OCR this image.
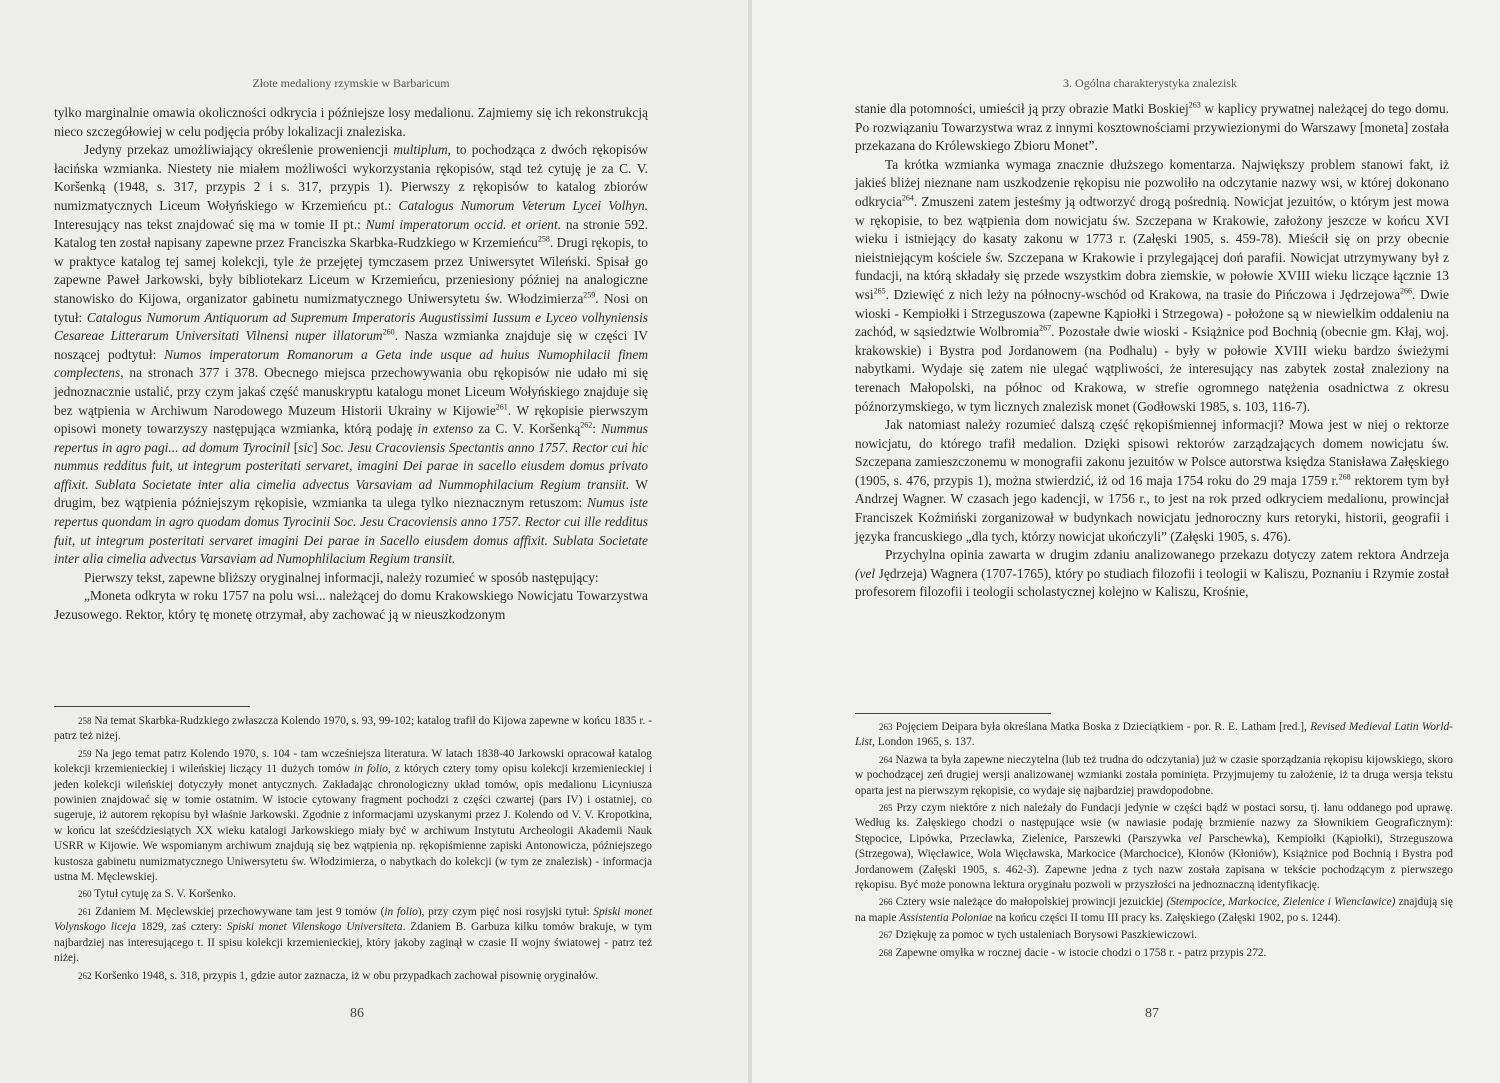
Złote medaliony rzymskie w Barbaricum

tylko marginalnie omawia okoliczności odkrycia i późniejsze losy medalionu. Zajmiemy się ich rekonstrukcją nieco szczegółowiej w celu podjęcia próby lokalizacji znaleziska.

Jedyny przekaz umożliwiający określenie proweniencji multiplum, to pochodząca z dwóch rękopisów łacińska wzmianka. Niestety nie miałem możliwości wykorzystania rękopisów, stąd też cytuję je za C. V. Koršenką (1948, s. 317, przypis 2 i s. 317, przypis 1). Pierwszy z rękopisów to katalog zbiorów numizmatycznych Liceum Wołyńskiego w Krzemieńcu pt.: Catalogus Numorum Veterum Lycei Volhyn. Interesujący nas tekst znajdować się ma w tomie II pt.: Numi imperatorum occid. et orient. na stronie 592. Katalog ten został napisany zapewne przez Franciszka Skarbka-Rudzkiego w Krzemieńcu$^{258}$. Drugi rękopis, to w praktyce katalog tej samej kolekcji, tyle że przejętej tymczasem przez Uniwersytet Wileński. Spisał go zapewne Paweł Jarkowski, były bibliotekarz Liceum w Krzemieńcu, przeniesiony później na analogiczne stanowisko do Kijowa, organizator gabinetu numizmatycznego Uniwersytetu św. Włodzimierza$^{259}$. Nosi on tytuł: Catalogus Numorum Antiquorum ad Supremum Imperatoris Augustissimi Iussum e Lyceo volhyniensis Cesareae Litterarum Universitati Vilnensi nuper illatorum$^{260}$. Nasza wzmianka znajduje się w części IV noszącej podtytuł: Numos imperatorum Romanorum a Geta inde usque ad huius Numophilacii finem complectens, na stronach 377 i 378. Obecnego miejsca przechowywania obu rękopisów nie udało mi się jednoznacznie ustalić, przy czym jakaś część manuskryptu katalogu monet Liceum Wołyńskiego znajduje się bez wątpienia w Archiwum Narodowego Muzeum Historii Ukrainy w Kijowie$^{261}$. W rękopisie pierwszym opisowi monety towarzyszy następująca wzmianka, którą podaję in extenso za C. V. Koršenką$^{262}$: Nummus repertus in agro pagi... ad domum Tyrocinil [sic] Soc. Jesu Cracoviensis Spectantis anno 1757. Rector cui hic nummus redditus fuit, ut integrum posteritati servaret, imagini Dei parae in sacello eiusdem domus privato affixit. Sublata Societate inter alia cimelia advectus Varsaviam ad Nummophilacium Regium transiit. W drugim, bez wątpienia późniejszym rękopisie, wzmianka ta ulega tylko nieznacznym retuszom: Numus iste repertus quondam in agro quodam domus Tyrocinii Soc. Jesu Cracoviensis anno 1757. Rector cui ille redditus fuit, ut integrum posteritati servaret imagini Dei parae in Sacello eiusdem domus affixit. Sublata Societate inter alia cimelia advectus Varsaviam ad Numophlilacium Regium transiit.

Pierwszy tekst, zapewne bliższy oryginalnej informacji, należy rozumieć w sposób następujący:

„Moneta odkryta w roku 1757 na polu wsi... należącej do domu Krakowskiego Nowicjatu Towarzystwa Jezusowego. Rektor, który tę monetę otrzymał, aby zachować ją w nieuszkodzonym

258 Na temat Skarbka-Rudzkiego zwłaszcza Kolendo 1970, s. 93, 99-102; katalog trafił do Kijowa zapewne w końcu 1835 r. - patrz też niżej.

259 Na jego temat patrz Kolendo 1970, s. 104 - tam wcześniejsza literatura. W latach 1838-40 Jarkowski opracował katalog kolekcji krzemienieckiej i wileńskiej liczący 11 dużych tomów in folio, z których cztery tomy opisu kolekcji krzemienieckiej i jeden kolekcji wileńskiej dotyczyły monet antycznych. Zakładając chronologiczny układ tomów, opis medalionu Licyniusza powinien znajdować się w tomie ostatnim. W istocie cytowany fragment pochodzi z części czwartej (pars IV) i ostatniej, co sugeruje, iż autorem rękopisu był właśnie Jarkowski. Zgodnie z informacjami uzyskanymi przez J. Kolendo od V. V. Kropotkina, w końcu lat sześćdziesiątych XX wieku katalogi Jarkowskiego miały być w archiwum Instytutu Archeologii Akademii Nauk USRR w Kijowie. We wspomianym archiwum znajdują się bez wątpienia np. rękopiśmienne zapiski Antonowicza, późniejszego kustosza gabinetu numizmatycznego Uniwersytetu św. Włodzimierza, o nabytkach do kolekcji (w tym ze znalezisk) - informacja ustna M. Męclewskiej.

260 Tytuł cytuję za S. V. Koršenko.

261 Zdaniem M. Męclewskiej przechowywane tam jest 9 tomów (in folio), przy czym pięć nosi rosyjski tytuł: Spiski monet Volynskogo liceja 1829, zaś cztery: Spiski monet Vilenskogo Universiteta. Zdaniem B. Garbuza kilku tomów brakuje, w tym najbardziej nas interesującego t. II spisu kolekcji krzemienieckiej, który jakoby zaginął w czasie II wojny światowej - patrz też niżej.

262 Koršenko 1948, s. 318, przypis 1, gdzie autor zaznacza, iż w obu przypadkach zachował pisownię oryginałów.

86
3. Ogólna charakterystyka znalezisk

stanie dla potomności, umieścił ją przy obrazie Matki Boskiej$^{263}$ w kaplicy prywatnej należącej do tego domu. Po rozwiązaniu Towarzystwa wraz z innymi kosztownościami przywiezionymi do Warszawy [moneta] została przekazana do Królewskiego Zbioru Monet”.

Ta krótka wzmianka wymaga znacznie dłuższego komentarza. Największy problem stanowi fakt, iż jakieś bliżej nieznane nam uszkodzenie rękopisu nie pozwoliło na odczytanie nazwy wsi, w której dokonano odkrycia$^{264}$. Zmuszeni zatem jesteśmy ją odtworzyć drogą pośrednią. Nowicjat jezuitów, o którym jest mowa w rękopisie, to bez wątpienia dom nowicjatu św. Szczepana w Krakowie, założony jeszcze w końcu XVI wieku i istniejący do kasaty zakonu w 1773 r. (Załęski 1905, s. 459-78). Mieścił się on przy obecnie nieistniejącym kościele św. Szczepana w Krakowie i przylegającej doń parafii. Nowicjat utrzymywany był z fundacji, na którą składały się przede wszystkim dobra ziemskie, w połowie XVIII wieku liczące łącznie 13 wsi$^{265}$. Dziewięć z nich leży na północny-wschód od Krakowa, na trasie do Pińczowa i Jędrzejowa$^{266}$. Dwie wioski - Kempiołki i Strzeguszowa (zapewne Kąpiołki i Strzegowa) - położone są w niewielkim oddaleniu na zachód, w sąsiedztwie Wolbromia$^{267}$. Pozostałe dwie wioski - Książnice pod Bochnią (obecnie gm. Kłaj, woj. krakowskie) i Bystra pod Jordanowem (na Podhalu) - były w połowie XVIII wieku bardzo świeżymi nabytkami. Wydaje się zatem nie ulegać wątpliwości, że interesujący nas zabytek został znaleziony na terenach Małopolski, na północ od Krakowa, w strefie ogromnego natężenia osadnictwa z okresu późnorzymskiego, w tym licznych znalezisk monet (Godłowski 1985, s. 103, 116-7).

Jak natomiast należy rozumieć dalszą część rękopiśmiennej informacji? Mowa jest w niej o rektorze nowicjatu, do którego trafił medalion. Dzięki spisowi rektorów zarządzających domem nowicjatu św. Szczepana zamieszczonemu w monografii zakonu jezuitów w Polsce autorstwa księdza Stanisława Załęskiego (1905, s. 476, przypis 1), można stwierdzić, iż od 16 maja 1754 roku do 29 maja 1759 r.$^{268}$ rektorem tym był Andrzej Wagner. W czasach jego kadencji, w 1756 r., to jest na rok przed odkryciem medalionu, prowincjał Franciszek Koźmiński zorganizował w budynkach nowicjatu jednoroczny kurs retoryki, historii, geografii i języka francuskiego „dla tych, którzy nowicjat ukończyli” (Załęski 1905, s. 476).

Przychylna opinia zawarta w drugim zdaniu analizowanego przekazu dotyczy zatem rektora Andrzeja (vel Jędrzeja) Wagnera (1707-1765), który po studiach filozofii i teologii w Kaliszu, Poznaniu i Rzymie został profesorem filozofii i teologii scholastycznej kolejno w Kaliszu, Krośnie,

263 Pojęciem Deipara była określana Matka Boska z Dzieciątkiem - por. R. E. Latham [red.], Revised Medieval Latin World-List, London 1965, s. 137.

264 Nazwa ta była zapewne nieczytelna (lub też trudna do odczytania) już w czasie sporządzania rękopisu kijowskiego, skoro w pochodzącej zeń drugiej wersji analizowanej wzmianki została pominięta. Przyjmujemy tu założenie, iż ta druga wersja tekstu oparta jest na pierwszym rękopisie, co wydaje się najbardziej prawdopodobne.

265 Przy czym niektóre z nich należały do Fundacji jedynie w części bądź w postaci sorsu, tj. łanu oddanego pod uprawę. Według ks. Załęskiego chodzi o następujące wsie (w nawiasie podaję brzmienie nazwy za Słownikiem Geograficznym): Stępocice, Lipówka, Przecławka, Zielenice, Parszewki (Parszywka vel Parschewka), Kempiołki (Kąpiołki), Strzeguszowa (Strzegowa), Więcławice, Wola Więcławska, Markocice (Marchocice), Kłonów (Kłoniów), Książnice pod Bochnią i Bystra pod Jordanowem (Załęski 1905, s. 462-3). Zapewne jedna z tych nazw została zapisana w tekście pochodzącym z pierwszego rękopisu. Być może ponowna lektura oryginału pozwoli w przyszłości na jednoznaczną identyfikację.

266 Cztery wsie należące do małopolskiej prowincji jezuickiej (Stempocice, Markocice, Zielenice i Wienclawice) znajdują się na mapie Assistentia Poloniae na końcu części II tomu III pracy ks. Załęskiego (Załęski 1902, po s. 1244).

267 Dziękuję za pomoc w tych ustaleniach Borysowi Paszkiewiczowi.

268 Zapewne omyłka w rocznej dacie - w istocie chodzi o 1758 r. - patrz przypis 272.

87
